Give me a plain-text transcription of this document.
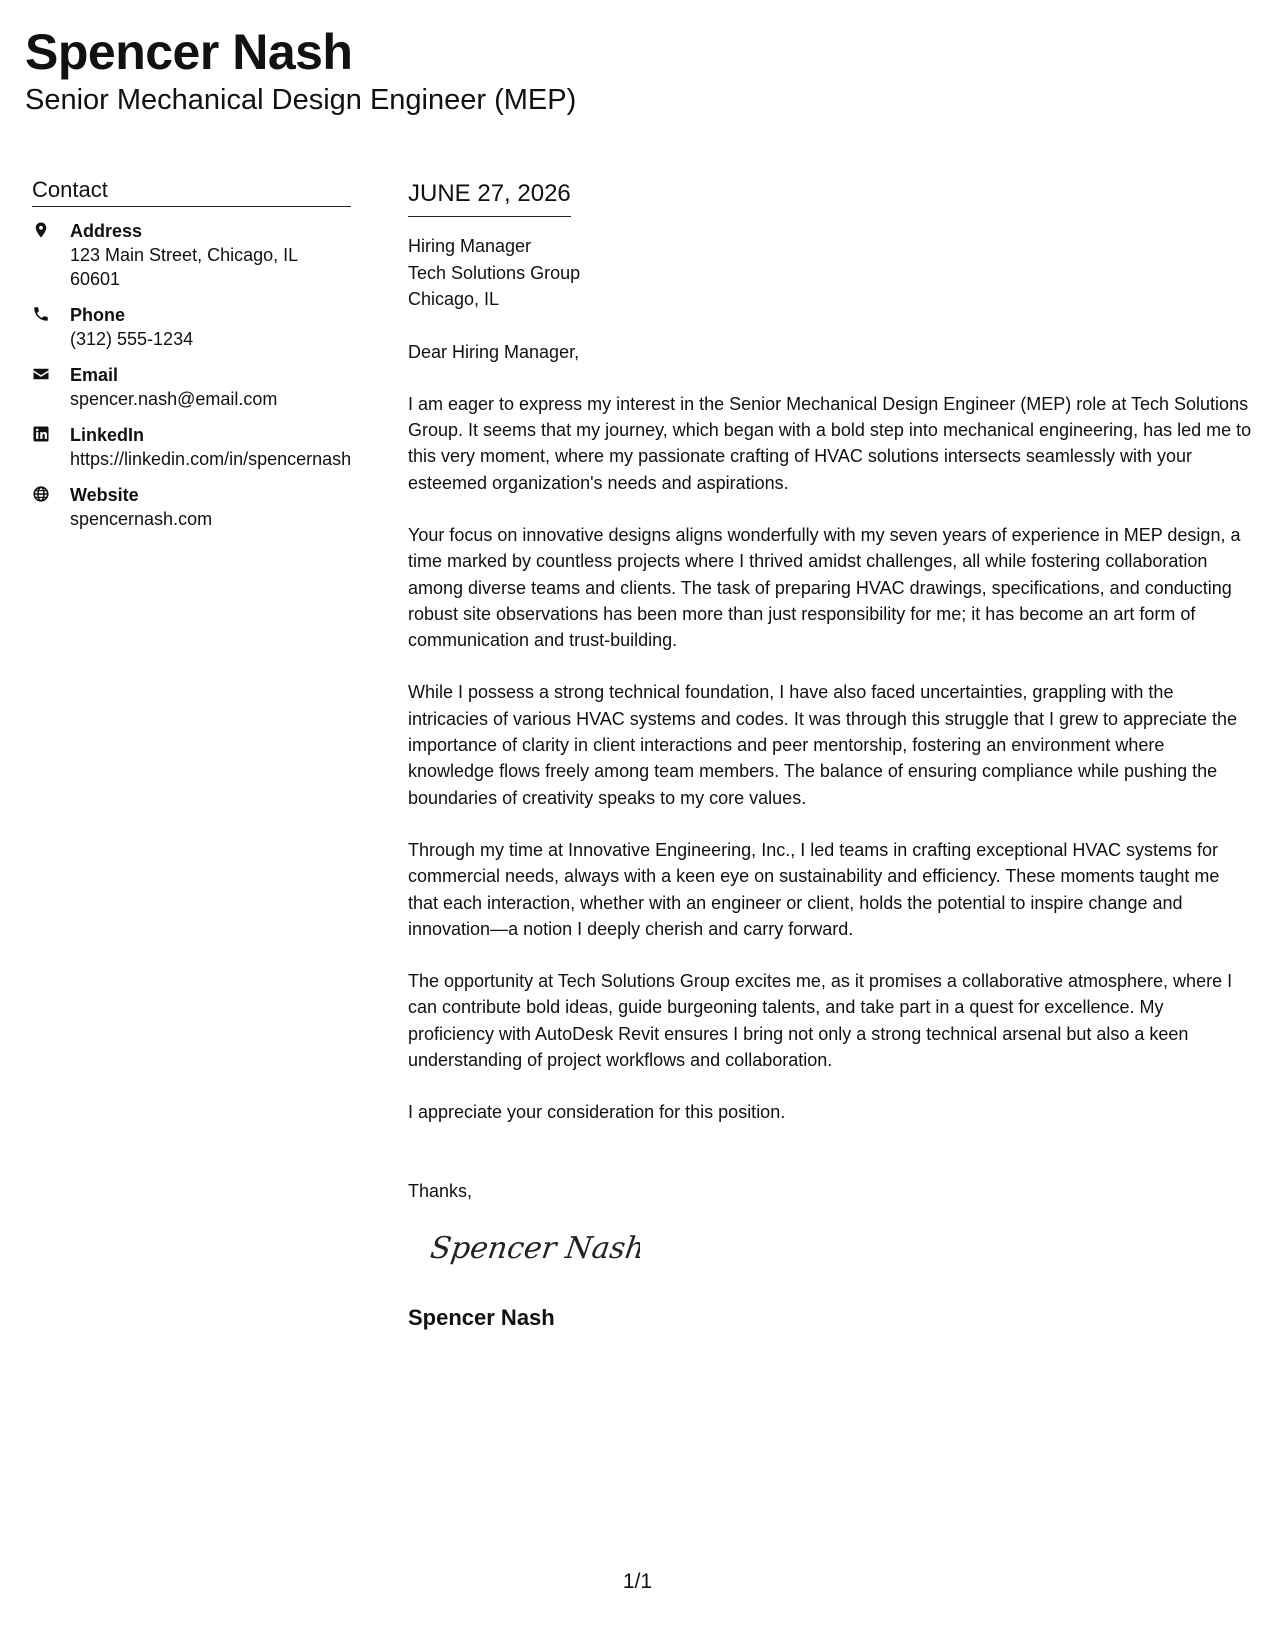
Spencer Nash
Senior Mechanical Design Engineer (MEP)
Contact
Address
123 Main Street, Chicago, IL 60601
Phone
(312) 555-1234
Email
spencer.nash@email.com
LinkedIn
https://linkedin.com/in/spencernash
Website
spencernash.com
JUNE 27, 2026
Hiring Manager
Tech Solutions Group
Chicago, IL
Dear Hiring Manager,
I am eager to express my interest in the Senior Mechanical Design Engineer (MEP) role at Tech Solutions Group. It seems that my journey, which began with a bold step into mechanical engineering, has led me to this very moment, where my passionate crafting of HVAC solutions intersects seamlessly with your esteemed organization's needs and aspirations.
Your focus on innovative designs aligns wonderfully with my seven years of experience in MEP design, a time marked by countless projects where I thrived amidst challenges, all while fostering collaboration among diverse teams and clients. The task of preparing HVAC drawings, specifications, and conducting robust site observations has been more than just responsibility for me; it has become an art form of communication and trust-building.
While I possess a strong technical foundation, I have also faced uncertainties, grappling with the intricacies of various HVAC systems and codes. It was through this struggle that I grew to appreciate the importance of clarity in client interactions and peer mentorship, fostering an environment where knowledge flows freely among team members. The balance of ensuring compliance while pushing the boundaries of creativity speaks to my core values.
Through my time at Innovative Engineering, Inc., I led teams in crafting exceptional HVAC systems for commercial needs, always with a keen eye on sustainability and efficiency. These moments taught me that each interaction, whether with an engineer or client, holds the potential to inspire change and innovation—a notion I deeply cherish and carry forward.
The opportunity at Tech Solutions Group excites me, as it promises a collaborative atmosphere, where I can contribute bold ideas, guide burgeoning talents, and take part in a quest for excellence. My proficiency with AutoDesk Revit ensures I bring not only a strong technical arsenal but also a keen understanding of project workflows and collaboration.
I appreciate your consideration for this position.
Thanks,
Spencer Nash
Spencer Nash
1/1
